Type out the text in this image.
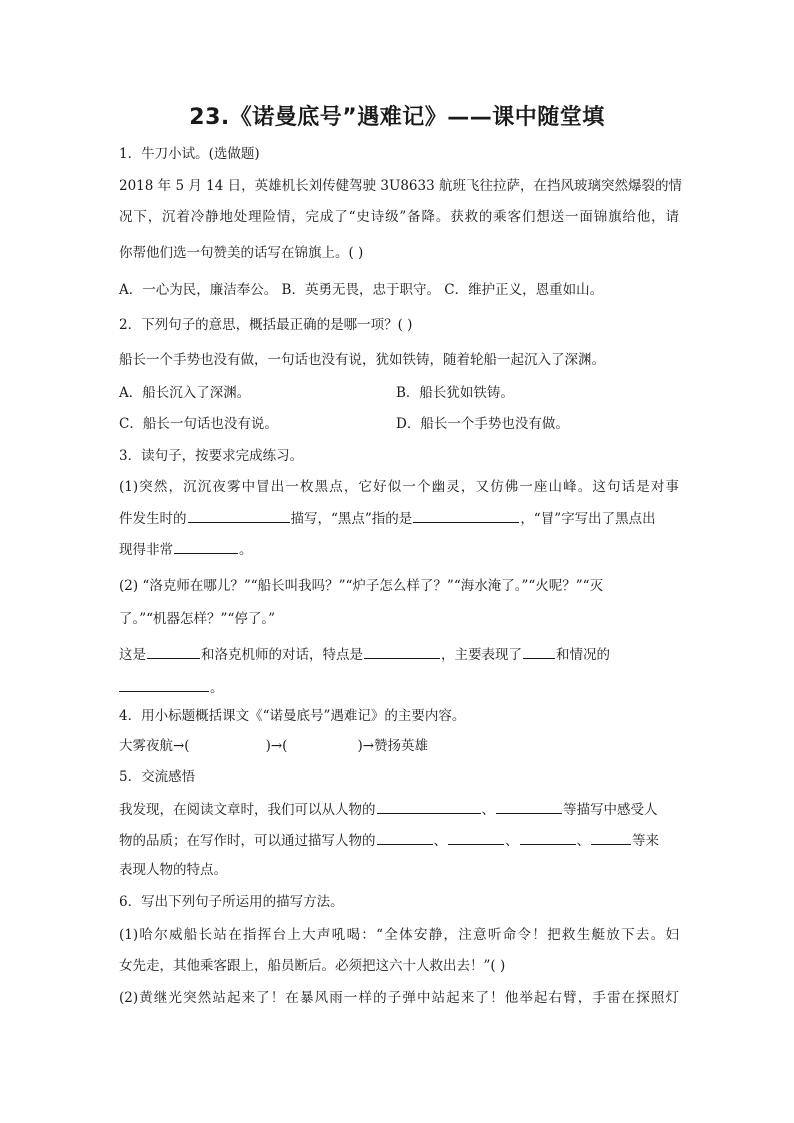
23.《诺曼底号”遇难记》——课中随堂填
1．牛刀小试。(选做题)
2018 年 5 月 14 日，英雄机长刘传健驾驶 3U8633 航班飞往拉萨，在挡风玻璃突然爆裂的情
况下，沉着冷静地处理险情，完成了“史诗级”备降。获救的乘客们想送一面锦旗给他，请
你帮他们选一句赞美的话写在锦旗上。( )
A．一心为民，廉洁奉公。 B．英勇无畏，忠于职守。 C．维护正义，恩重如山。
2．下列句子的意思，概括最正确的是哪一项？( )
船长一个手势也没有做，一句话也没有说，犹如铁铸，随着轮船一起沉入了深渊。
A．船长沉入了深渊。	B．船长犹如铁铸。
C．船长一句话也没有说。	D．船长一个手势也没有做。
3．读句子，按要求完成练习。
(1)突然，沉沉夜雾中冒出一枚黑点，它好似一个幽灵，又仿佛一座山峰。这句话是对事
件发生时的	描写，“黑点”指的是	，“冒”字写出了黑点出
现得非常	。
(2) “洛克师在哪儿？”“船长叫我吗？”“炉子怎么样了？”“海水淹了。”“火呢？”“灭
了。”“机器怎样？”“停了。”
这是	和洛克机师的对话，特点是	，主要表现了	和情况的
。
4．用小标题概括课文《“诺曼底号”遇难记》的主要内容。
大雾夜航→(	)→(	)→赞扬英雄
5．交流感悟
我发现，在阅读文章时，我们可以从人物的	、	等描写中感受人
物的品质；在写作时，可以通过描写人物的	、	、	、	等来
表现人物的特点。
6．写出下列句子所运用的描写方法。
(1)哈尔威船长站在指挥台上大声吼喝：“全体安静，注意听命令！把救生艇放下去。妇
女先走，其他乘客跟上，船员断后。必须把这六十人救出去！”( )
(2)黄继光突然站起来了！在暴风雨一样的子弹中站起来了！他举起右臂，手雷在探照灯
